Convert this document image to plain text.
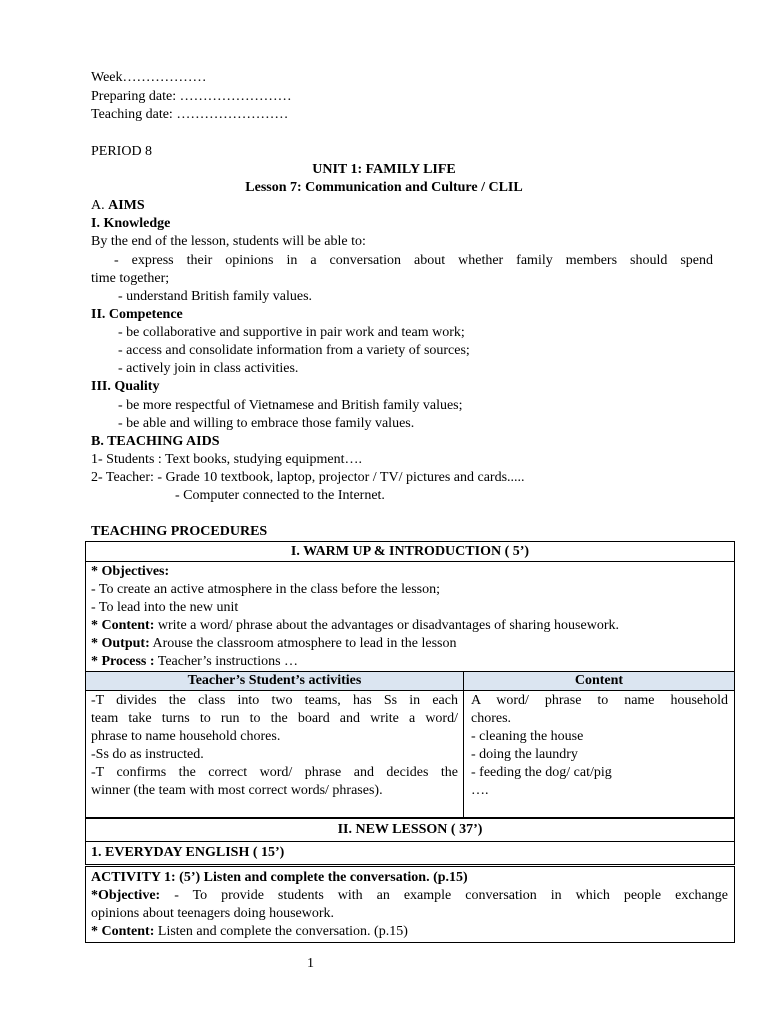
Week………………
Preparing date: ……………………
Teaching date: ……………………
PERIOD 8
UNIT 1: FAMILY LIFE
Lesson 7: Communication and Culture / CLIL
A. AIMS
I. Knowledge
By the end of the lesson, students will be able to:
- express their opinions in a conversation about whether family members should spend
time together;
- understand British family values.
II. Competence
- be collaborative and supportive in pair work and team work;
- access and consolidate information from a variety of sources;
- actively join in class activities.
III. Quality
- be more respectful of Vietnamese and British family values;
- be able and willing to embrace those family values.
B. TEACHING AIDS
1- Students : Text books, studying equipment….
2- Teacher: - Grade 10 textbook, laptop, projector / TV/ pictures and cards.....
- Computer connected to the Internet.
TEACHING PROCEDURES
I. WARM UP & INTRODUCTION ( 5’)
* Objectives:
- To create an active atmosphere in the class before the lesson;
- To lead into the new unit
* Content: write a word/ phrase about the advantages or disadvantages of sharing housework.
* Output: Arouse the classroom atmosphere to lead in the lesson
* Process : Teacher’s instructions …
Teacher’s Student’s activities	Content
-T divides the class into two teams, has Ss in each
team take turns to run to the board and write a word/
phrase to name household chores.
-Ss do as instructed.
-T confirms the correct word/ phrase and decides the
winner (the team with most correct words/ phrases).
A word/ phrase to name household
chores.
- cleaning the house
- doing the laundry
- feeding the dog/ cat/pig
….
II. NEW LESSON ( 37’)
1. EVERYDAY ENGLISH ( 15’)
ACTIVITY 1: (5’) Listen and complete the conversation. (p.15)
*Objective: - To provide students with an example conversation in which people exchange
opinions about teenagers doing housework.
* Content: Listen and complete the conversation. (p.15)
1
